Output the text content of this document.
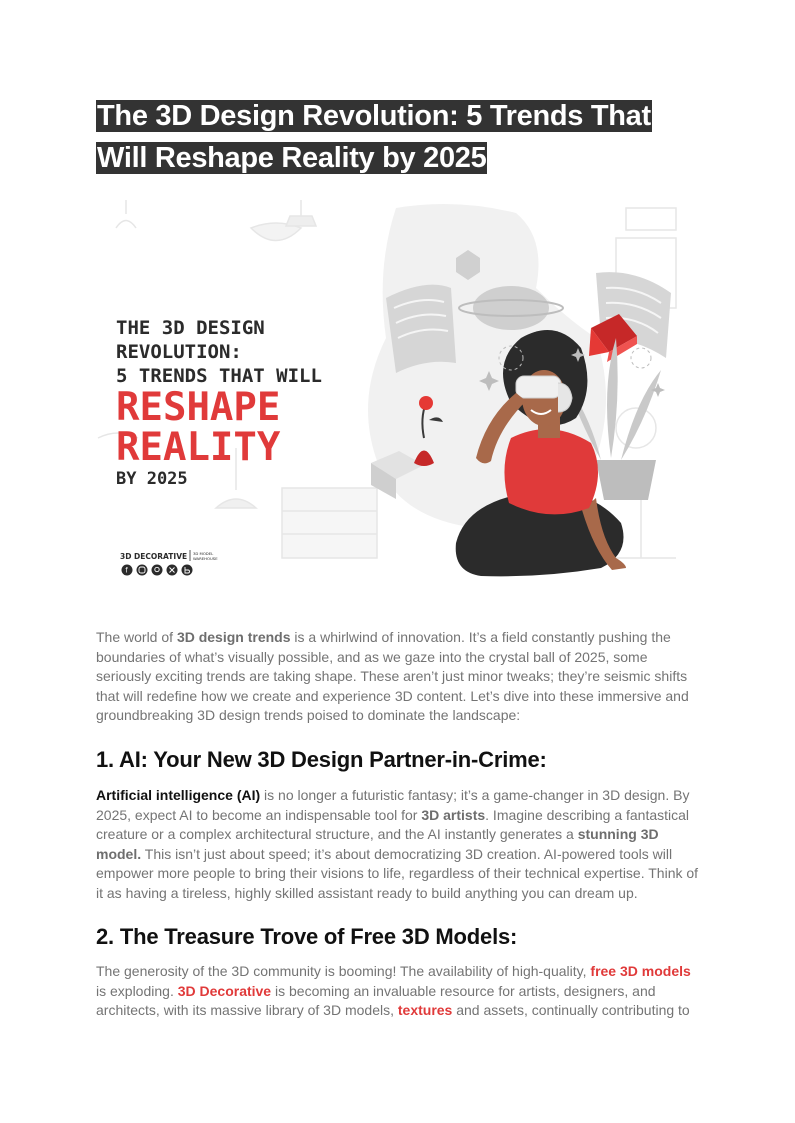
The 3D Design Revolution: 5 Trends That
Will Reshape Reality by 2025
THE 3D DESIGN
REVOLUTION:
5 TRENDS THAT WILL
RESHAPE
REALITY
BY 2025
3D DECORATIVE 3D MODEL
WAREHOUSE
f

The world of 3D design trends is a whirlwind of innovation. It’s a field constantly pushing the boundaries of what’s visually possible, and as we gaze into the crystal ball of 2025, some seriously exciting trends are taking shape. These aren’t just minor tweaks; they’re seismic shifts that will redefine how we create and experience 3D content. Let’s dive into these immersive and groundbreaking 3D design trends poised to dominate the landscape:

1. AI: Your New 3D Design Partner-in-Crime:

Artificial intelligence (AI) is no longer a futuristic fantasy; it’s a game-changer in 3D design. By 2025, expect AI to become an indispensable tool for 3D artists. Imagine describing a fantastical creature or a complex architectural structure, and the AI instantly generates a stunning 3D model. This isn’t just about speed; it’s about democratizing 3D creation. AI-powered tools will empower more people to bring their visions to life, regardless of their technical expertise. Think of it as having a tireless, highly skilled assistant ready to build anything you can dream up.

2. The Treasure Trove of Free 3D Models:

The generosity of the 3D community is booming! The availability of high-quality, free 3D models is exploding. 3D Decorative is becoming an invaluable resource for artists, designers, and architects, with its massive library of 3D models, textures and assets, continually contributing to
